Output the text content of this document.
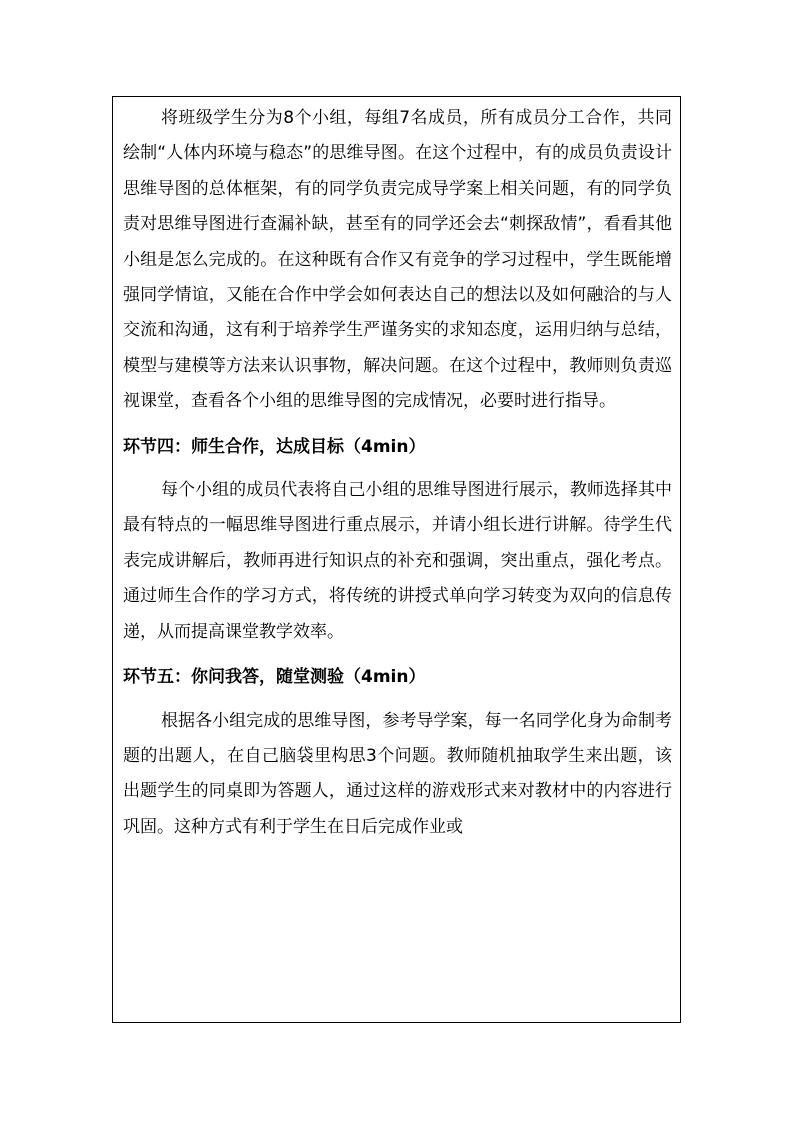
将班级学生分为8个小组，每组7名成员，所有成员分工合作，共同绘制“人体内环境与稳态”的思维导图。在这个过程中，有的成员负责设计思维导图的总体框架，有的同学负责完成导学案上相关问题，有的同学负责对思维导图进行查漏补缺，甚至有的同学还会去“刺探敌情”，看看其他小组是怎么完成的。在这种既有合作又有竞争的学习过程中，学生既能增强同学情谊，又能在合作中学会如何表达自己的想法以及如何融洽的与人交流和沟通，这有利于培养学生严谨务实的求知态度，运用归纳与总结，模型与建模等方法来认识事物，解决问题。在这个过程中，教师则负责巡视课堂，查看各个小组的思维导图的完成情况，必要时进行指导。

环节四：师生合作，达成目标（4min）

每个小组的成员代表将自己小组的思维导图进行展示，教师选择其中最有特点的一幅思维导图进行重点展示，并请小组长进行讲解。待学生代表完成讲解后，教师再进行知识点的补充和强调，突出重点，强化考点。通过师生合作的学习方式，将传统的讲授式单向学习转变为双向的信息传递，从而提高课堂教学效率。

环节五：你问我答，随堂测验（4min）

根据各小组完成的思维导图，参考导学案，每一名同学化身为命制考题的出题人，在自己脑袋里构思3个问题。教师随机抽取学生来出题，该出题学生的同桌即为答题人，通过这样的游戏形式来对教材中的内容进行巩固。这种方式有利于学生在日后完成作业或
